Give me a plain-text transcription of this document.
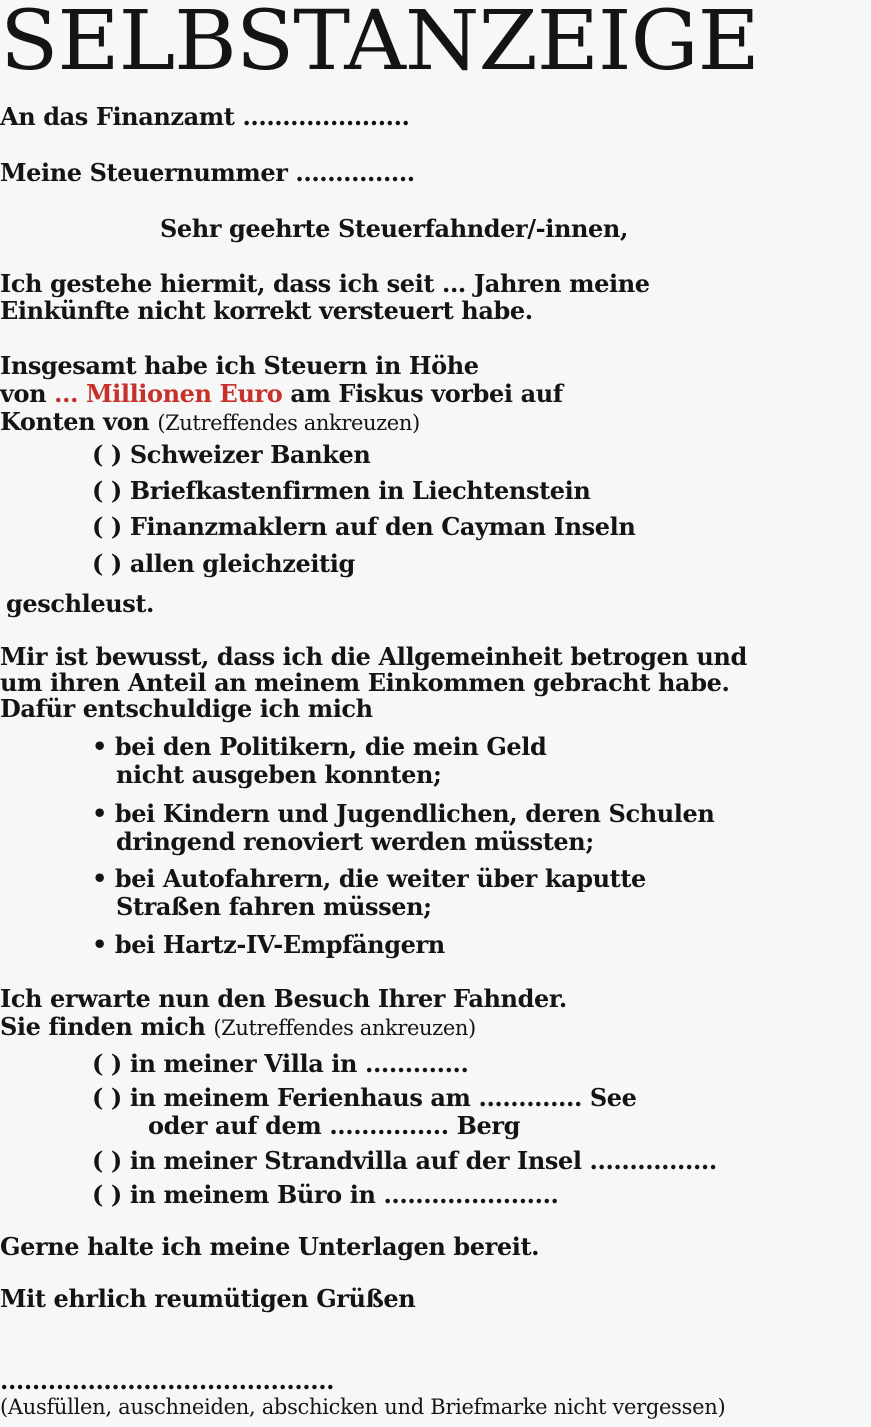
SELBSTANZEIGE
An das Finanzamt .....................
Meine Steuernummer ...............
Sehr geehrte Steuerfahnder/-innen,
Ich gestehe hiermit, dass ich seit ... Jahren meine
Einkünfte nicht korrekt versteuert habe.
Insgesamt habe ich Steuern in Höhe
von ... Millionen Euro am Fiskus vorbei auf
Konten von (Zutreffendes ankreuzen)
( ) Schweizer Banken
( ) Briefkastenfirmen in Liechtenstein
( ) Finanzmaklern auf den Cayman Inseln
( ) allen gleichzeitig
geschleust.
Mir ist bewusst, dass ich die Allgemeinheit betrogen und
um ihren Anteil an meinem Einkommen gebracht habe.
Dafür entschuldige ich mich
• bei den Politikern, die mein Geld
nicht ausgeben konnten;
• bei Kindern und Jugendlichen, deren Schulen
dringend renoviert werden müssten;
• bei Autofahrern, die weiter über kaputte
Straßen fahren müssen;
• bei Hartz-IV-Empfängern
Ich erwarte nun den Besuch Ihrer Fahnder.
Sie finden mich (Zutreffendes ankreuzen)
( ) in meiner Villa in .............
( ) in meinem Ferienhaus am ............. See
oder auf dem ............... Berg
( ) in meiner Strandvilla auf der Insel ................
( ) in meinem Büro in ......................
Gerne halte ich meine Unterlagen bereit.
Mit ehrlich reumütigen Grüßen
..........................................
(Ausfüllen, auschneiden, abschicken und Briefmarke nicht vergessen)
